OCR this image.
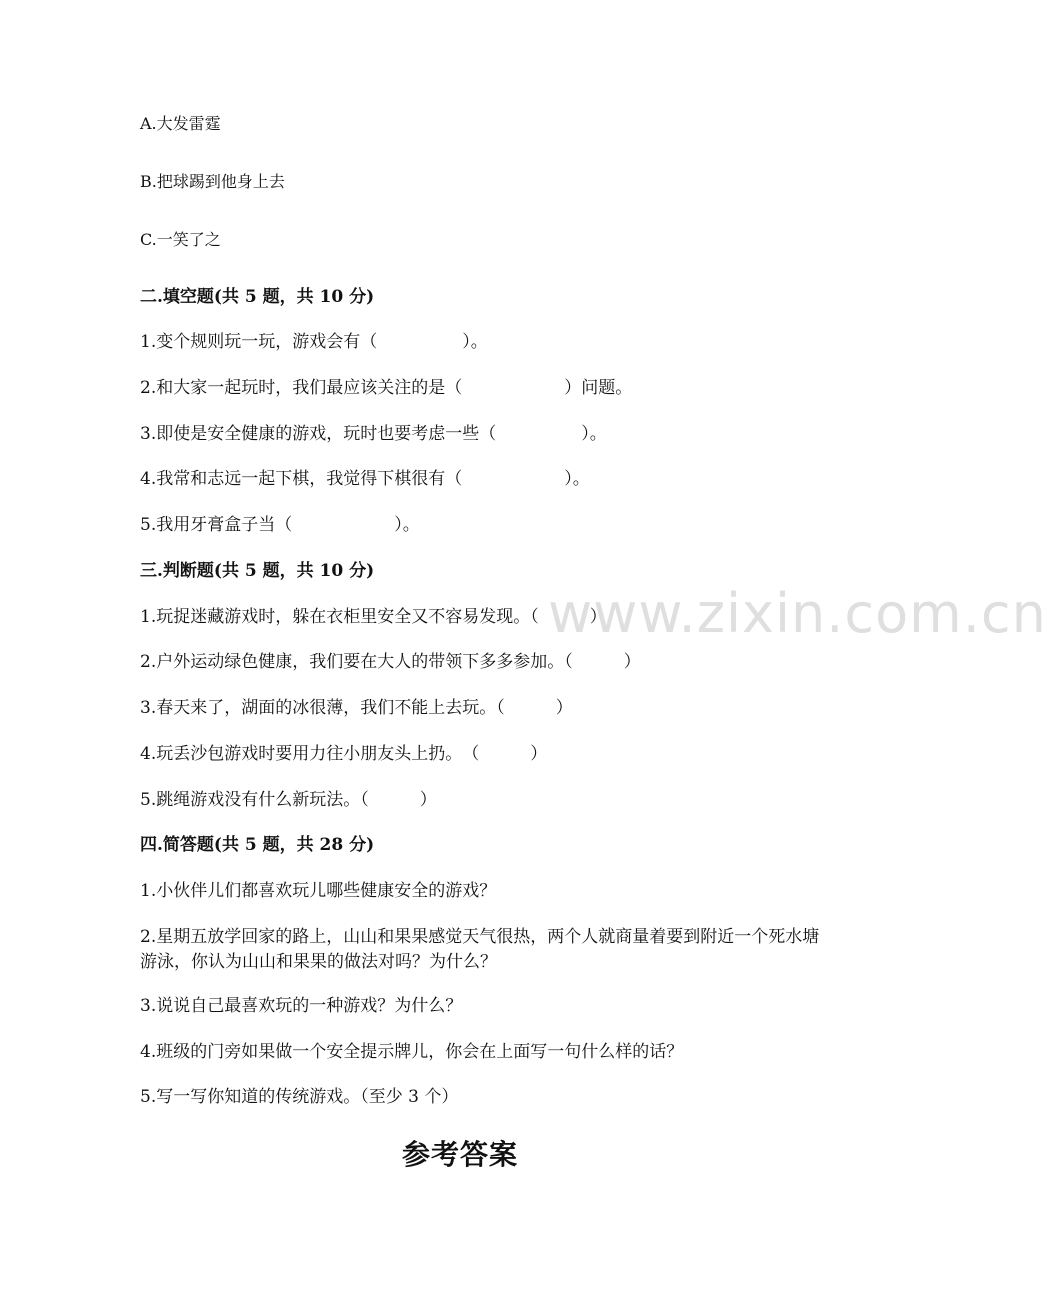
A.大发雷霆
B.把球踢到他身上去
C.一笑了之
二.填空题(共 5 题，共 10 分)
1.变个规则玩一玩，游戏会有（　　　　　）。
2.和大家一起玩时，我们最应该关注的是（　　　　　　）问题。
3.即使是安全健康的游戏，玩时也要考虑一些（　　　　　）。
4.我常和志远一起下棋，我觉得下棋很有（　　　　　　）。
5.我用牙膏盒子当（　　　　　　）。
三.判断题(共 5 题，共 10 分)
1.玩捉迷藏游戏时，躲在衣柜里安全又不容易发现。（　　　）
2.户外运动绿色健康，我们要在大人的带领下多多参加。（　　　）
3.春天来了，湖面的冰很薄，我们不能上去玩。（　　　）
4.玩丢沙包游戏时要用力往小朋友头上扔。　（　　　）
5.跳绳游戏没有什么新玩法。（　　　）
四.简答题(共 5 题，共 28 分)
1.小伙伴儿们都喜欢玩儿哪些健康安全的游戏？
2.星期五放学回家的路上，山山和果果感觉天气很热，两个人就商量着要到附近一个死水塘游泳，你认为山山和果果的做法对吗？为什么？
3.说说自己最喜欢玩的一种游戏？为什么？
4.班级的门旁如果做一个安全提示牌儿，你会在上面写一句什么样的话？
5.写一写你知道的传统游戏。（至少 3 个）
参考答案
www.zixin.com.cn
